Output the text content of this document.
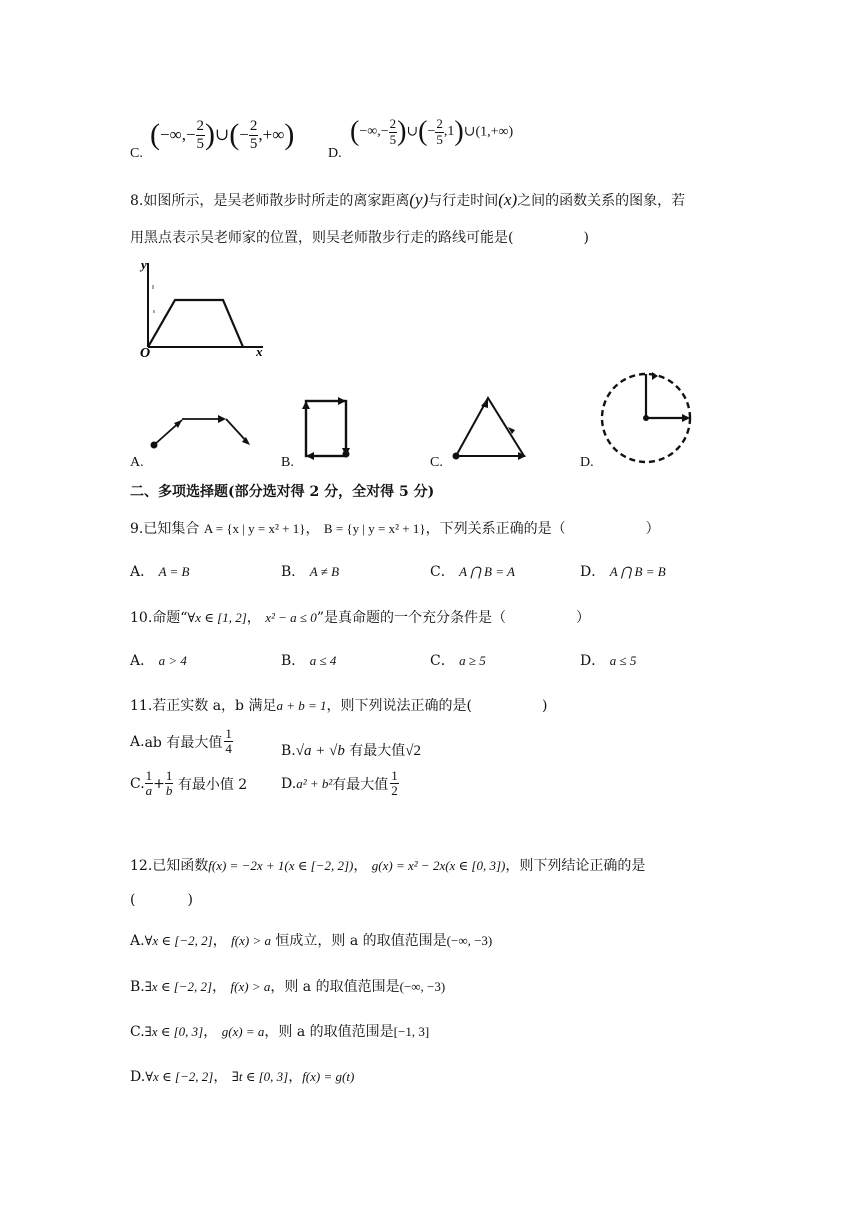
C.
(−∞,− $\frac{2}{5}$ )∪(− $\frac{2}{5}$ ,+∞)
D.
(−∞,− $\frac{2}{5}$ )∪(− $\frac{2}{5}$ ,1)∪(1,+∞)
8.如图所示，是吴老师散步时所走的离家距离(y)与行走时间(x)之间的函数关系的图象，若
用黑点表示吴老师家的位置，则吴老师散步行走的路线可能是(	)
y
x
O
A.	B.	C.	D.
二、多项选择题(部分选对得 2 分，全对得 5 分)
9.已知集合 A = {x | y = x² + 1}， B = {y | y = x² + 1}，下列关系正确的是（	）
A． A = B	B． A ≠ B	C． A ⋂ B = A	D． A ⋂ B = B
10.命题“∀x ∈ [1, 2]， x² − a ≤ 0”是真命题的一个充分条件是（	）
A． a > 4	B． a ≤ 4	C． a ≥ 5	D． a ≤ 5
11.若正实数 a，b 满足a + b = 1，则下列说法正确的是(	)
A.ab 有最大值 $\frac{1}{4}$	B.√a + √b 有最大值√2
C. $\frac{1}{a} + \frac{1}{b}$ 有最小值 2 D.a² + b²有最大值 $\frac{1}{2}$
12.已知函数f(x) = −2x + 1(x ∈ [−2, 2])， g(x) = x² − 2x(x ∈ [0, 3])，则下列结论正确的是
(	)
A.∀x ∈ [−2, 2]， f(x) > a 恒成立，则 a 的取值范围是(−∞, −3)
B.∃x ∈ [−2, 2]， f(x) > a，则 a 的取值范围是(−∞, −3)
C.∃x ∈ [0, 3]， g(x) = a，则 a 的取值范围是[−1, 3]
D.∀x ∈ [−2, 2]， ∃t ∈ [0, 3]，f(x) = g(t)
